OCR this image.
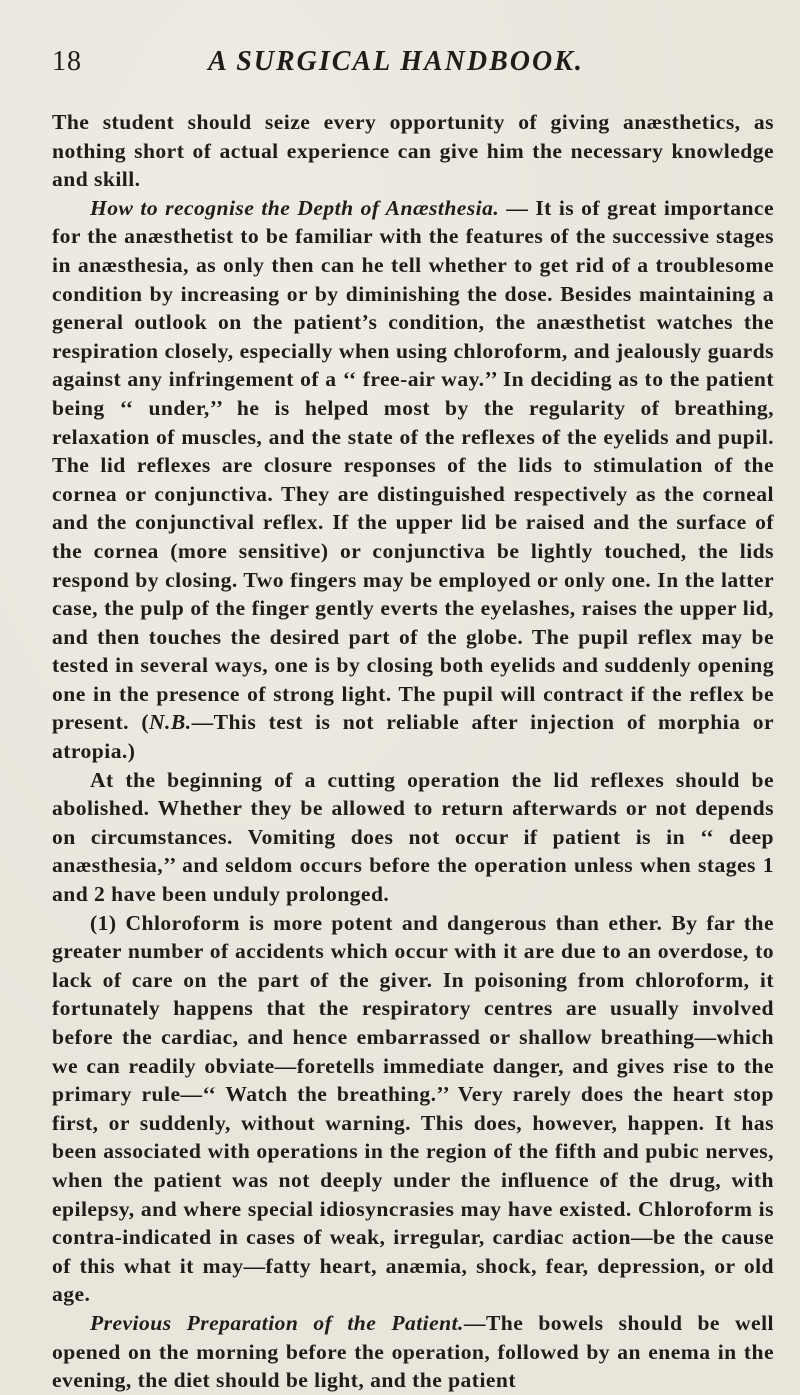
18	A SURGICAL HANDBOOK.

The student should seize every opportunity of giving anæsthetics, as nothing short of actual experience can give him the necessary knowledge and skill.

How to recognise the Depth of Anæsthesia. — It is of great importance for the anæsthetist to be familiar with the features of the successive stages in anæsthesia, as only then can he tell whether to get rid of a troublesome condition by increasing or by diminishing the dose. Besides maintaining a general outlook on the patient’s condition, the anæsthetist watches the respiration closely, especially when using chloroform, and jealously guards against any infringement of a ‘‘ free-air way.’’ In deciding as to the patient being ‘‘ under,’’ he is helped most by the regularity of breathing, relaxation of muscles, and the state of the reflexes of the eyelids and pupil. The lid reflexes are closure responses of the lids to stimulation of the cornea or conjunctiva. They are distinguished respectively as the corneal and the conjunctival reflex. If the upper lid be raised and the surface of the cornea (more sensitive) or conjunctiva be lightly touched, the lids respond by closing. Two fingers may be employed or only one. In the latter case, the pulp of the finger gently everts the eyelashes, raises the upper lid, and then touches the desired part of the globe. The pupil reflex may be tested in several ways, one is by closing both eyelids and suddenly opening one in the presence of strong light. The pupil will contract if the reflex be present. (N.B.—This test is not reliable after injection of morphia or atropia.)

At the beginning of a cutting operation the lid reflexes should be abolished. Whether they be allowed to return afterwards or not depends on circumstances. Vomiting does not occur if patient is in ‘‘ deep anæsthesia,’’ and seldom occurs before the operation unless when stages 1 and 2 have been unduly prolonged.

(1) Chloroform is more potent and dangerous than ether. By far the greater number of accidents which occur with it are due to an overdose, to lack of care on the part of the giver. In poisoning from chloroform, it fortunately happens that the respiratory centres are usually involved before the cardiac, and hence embarrassed or shallow breathing—which we can readily obviate—foretells immediate danger, and gives rise to the primary rule—‘‘ Watch the breathing.’’ Very rarely does the heart stop first, or suddenly, without warning. This does, however, happen. It has been associated with operations in the region of the fifth and pubic nerves, when the patient was not deeply under the influence of the drug, with epilepsy, and where special idiosyncrasies may have existed. Chloroform is contra-indicated in cases of weak, irregular, cardiac action—be the cause of this what it may—fatty heart, anæmia, shock, fear, depression, or old age.

Previous Preparation of the Patient.—The bowels should be well opened on the morning before the operation, followed by an enema in the evening, the diet should be light, and the patient
